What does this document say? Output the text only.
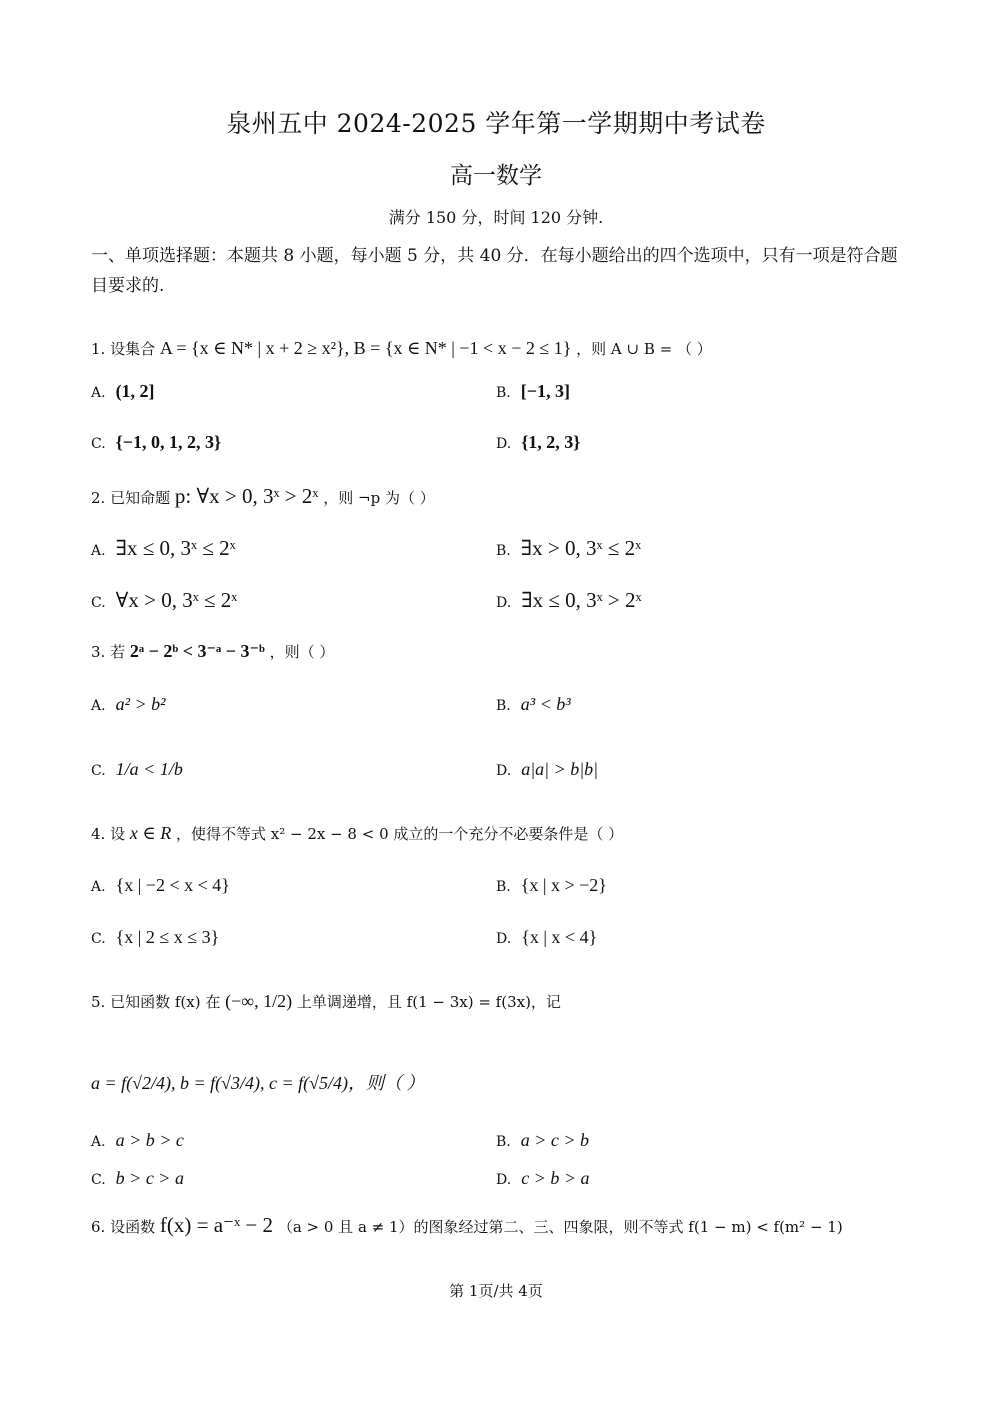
泉州五中 2024-2025 学年第一学期期中考试卷
高一数学
满分 150 分，时间 120 分钟.
一、单项选择题：本题共 8 小题，每小题 5 分，共 40 分．在每小题给出的四个选项中，只有一项是符合题目要求的.
1. 设集合 A = {x ∈ N* | x + 2 ≥ x²}, B = {x ∈ N* | −1 < x − 2 ≤ 1} ，则 A ∪ B = （ ）
A. (1, 2]	B. [−1, 3]
C. {−1, 0, 1, 2, 3}	D. {1, 2, 3}
2. 已知命题 p: ∀x > 0, 3ˣ > 2ˣ ，则 ¬p 为（ ）
A. ∃x ≤ 0, 3ˣ ≤ 2ˣ	B. ∃x > 0, 3ˣ ≤ 2ˣ
C. ∀x > 0, 3ˣ ≤ 2ˣ	D. ∃x ≤ 0, 3ˣ > 2ˣ
3. 若 2ᵃ − 2ᵇ < 3⁻ᵃ − 3⁻ᵇ ，则（ ）
A. a² > b²	B. a³ < b³
C. 1/a < 1/b	D. a|a| > b|b|
4. 设 x ∈ R ，使得不等式 x² − 2x − 8 < 0 成立的一个充分不必要条件是（ ）
A. {x | −2 < x < 4}	B. {x | x > −2}
C. {x | 2 ≤ x ≤ 3}	D. {x | x < 4}
5. 已知函数 f(x) 在 (−∞, 1/2) 上单调递增，且 f(1 − 3x) = f(3x)，记
a = f(√2/4), b = f(√3/4), c = f(√5/4)，则（ ）
A. a > b > c	B. a > c > b
C. b > c > a	D. c > b > a
6. 设函数 f(x) = a⁻ˣ − 2 （a > 0 且 a ≠ 1）的图象经过第二、三、四象限，则不等式 f(1 − m) < f(m² − 1)
第 1页/共 4页
